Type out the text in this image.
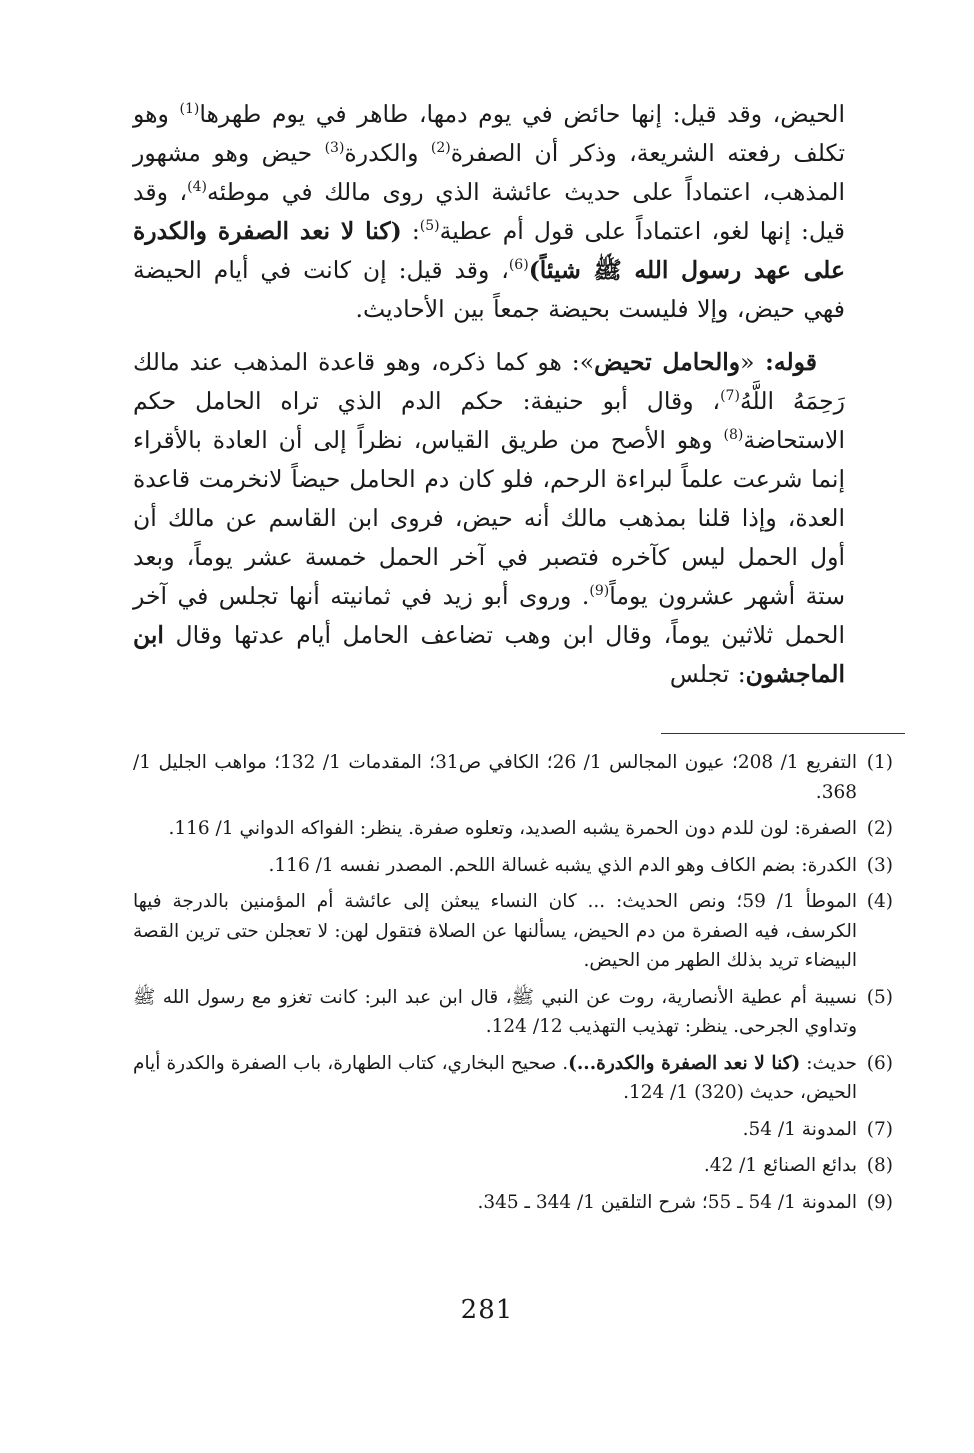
الحيض، وقد قيل: إنها حائض في يوم دمها، طاهر في يوم طهرها$^{(1)}$ وهو تكلف رفعته الشريعة، وذكر أن الصفرة$^{(2)}$ والكدرة$^{(3)}$ حيض وهو مشهور المذهب، اعتماداً على حديث عائشة الذي روى مالك في موطئه$^{(4)}$، وقد قيل: إنها لغو، اعتماداً على قول أم عطية$^{(5)}$: (كنا لا نعد الصفرة والكدرة على عهد رسول الله ﷺ شيئاً)$^{(6)}$، وقد قيل: إن كانت في أيام الحيضة فهي حيض، وإلا فليست بحيضة جمعاً بين الأحاديث.

قوله: «والحامل تحيض»: هو كما ذكره، وهو قاعدة المذهب عند مالك رَحِمَهُ اللَّهُ$^{(7)}$، وقال أبو حنيفة: حكم الدم الذي تراه الحامل حكم الاستحاضة$^{(8)}$ وهو الأصح من طريق القياس، نظراً إلى أن العادة بالأقراء إنما شرعت علماً لبراءة الرحم، فلو كان دم الحامل حيضاً لانخرمت قاعدة العدة، وإذا قلنا بمذهب مالك أنه حيض، فروى ابن القاسم عن مالك أن أول الحمل ليس كآخره فتصبر في آخر الحمل خمسة عشر يوماً، وبعد ستة أشهر عشرون يوماً$^{(9)}$. وروى أبو زيد في ثمانيته أنها تجلس في آخر الحمل ثلاثين يوماً، وقال ابن وهب تضاعف الحامل أيام عدتها وقال ابن الماجشون: تجلس

(1)
التفريع 1/ 208؛ عيون المجالس 1/ 26؛ الكافي ص31؛ المقدمات 1/ 132؛ مواهب الجليل 1/ 368.
(2)
الصفرة: لون للدم دون الحمرة يشبه الصديد، وتعلوه صفرة. ينظر: الفواكه الدواني 1/ 116.
(3)
الكدرة: بضم الكاف وهو الدم الذي يشبه غسالة اللحم. المصدر نفسه 1/ 116.
(4)
الموطأ 1/ 59؛ ونص الحديث: ... كان النساء يبعثن إلى عائشة أم المؤمنين بالدرجة فيها الكرسف، فيه الصفرة من دم الحيض، يسألنها عن الصلاة فتقول لهن: لا تعجلن حتى ترين القصة البيضاء تريد بذلك الطهر من الحيض.
(5)
نسيبة أم عطية الأنصارية، روت عن النبي ﷺ، قال ابن عبد البر: كانت تغزو مع رسول الله ﷺ وتداوي الجرحى. ينظر: تهذيب التهذيب 12/ 124.
(6)
حديث: (كنا لا نعد الصفرة والكدرة...). صحيح البخاري، كتاب الطهارة، باب الصفرة والكدرة أيام الحيض، حديث (320) 1/ 124.
(7)
المدونة 1/ 54.
(8)
بدائع الصنائع 1/ 42.
(9)
المدونة 1/ 54 ـ 55؛ شرح التلقين 1/ 344 ـ 345.
281
